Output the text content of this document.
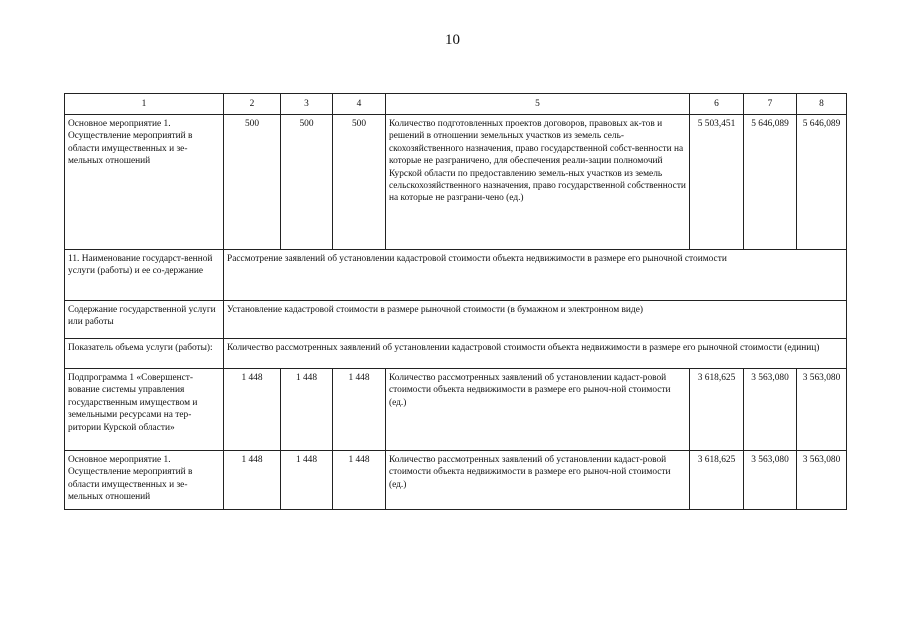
10
1	2	3	4	5	6	7	8
Основное мероприятие 1. Осуществление мероприятий в области имущественных и зе-мельных отношений	500	500	500	Количество подготовленных проектов договоров, правовых ак-тов и решений в отношении земельных участков из земель сель-скохозяйственного назначения, право государственной собст-венности на которые не разграничено, для обеспечения реали-зации полномочий Курской области по предоставлению земель-ных участков из земель сельскохозяйственного назначения, право государственной собственности на которые не разграни-чено (ед.)	5 503,451	5 646,089	5 646,089
11. Наименование государст-венной услуги (работы) и ее со-держание	Рассмотрение заявлений об установлении кадастровой стоимости объекта недвижимости в размере его рыночной стоимости						
Содержание государственной услуги или работы	Установление кадастровой стоимости в размере рыночной стоимости (в бумажном и электронном виде)						
Показатель объема услуги (работы):	Количество рассмотренных заявлений об установлении кадастровой стоимости объекта недвижимости в размере его рыночной стоимости (единиц)						
Подпрограмма 1 «Совершенст-вование системы управления государственным имуществом и земельными ресурсами на тер-ритории Курской области»	1 448	1 448	1 448	Количество рассмотренных заявлений об установлении кадаст-ровой стоимости объекта недвижимости в размере его рыноч-ной стоимости (ед.)	3 618,625	3 563,080	3 563,080
Основное мероприятие 1. Осуществление мероприятий в области имущественных и зе-мельных отношений	1 448	1 448	1 448	Количество рассмотренных заявлений об установлении кадаст-ровой стоимости объекта недвижимости в размере его рыноч-ной стоимости (ед.)	3 618,625	3 563,080	3 563,080
